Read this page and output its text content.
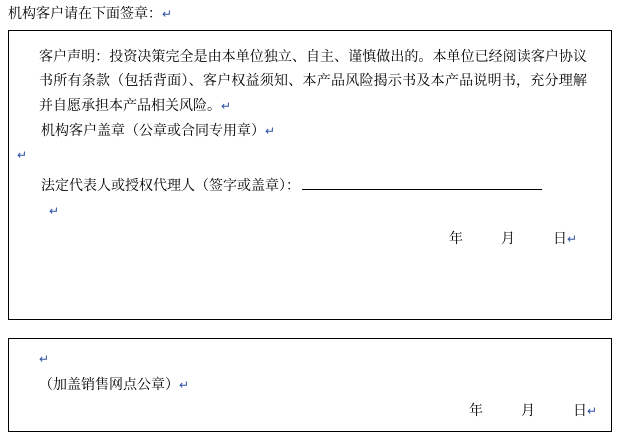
机构客户请在下面签章：↵
客户声明：投资决策完全是由本单位独立、自主、谨慎做出的。本单位已经阅读客户协议书所有条款（包括背面）、客户权益须知、本产品风险揭示书及本产品说明书，充分理解并自愿承担本产品相关风险。↵
机构客户盖章（公章或合同专用章）↵
↵
法定代表人或授权代理人（签字或盖章）：
↵
年	月	日↵
↵
（加盖销售网点公章）↵
年	月	日↵
